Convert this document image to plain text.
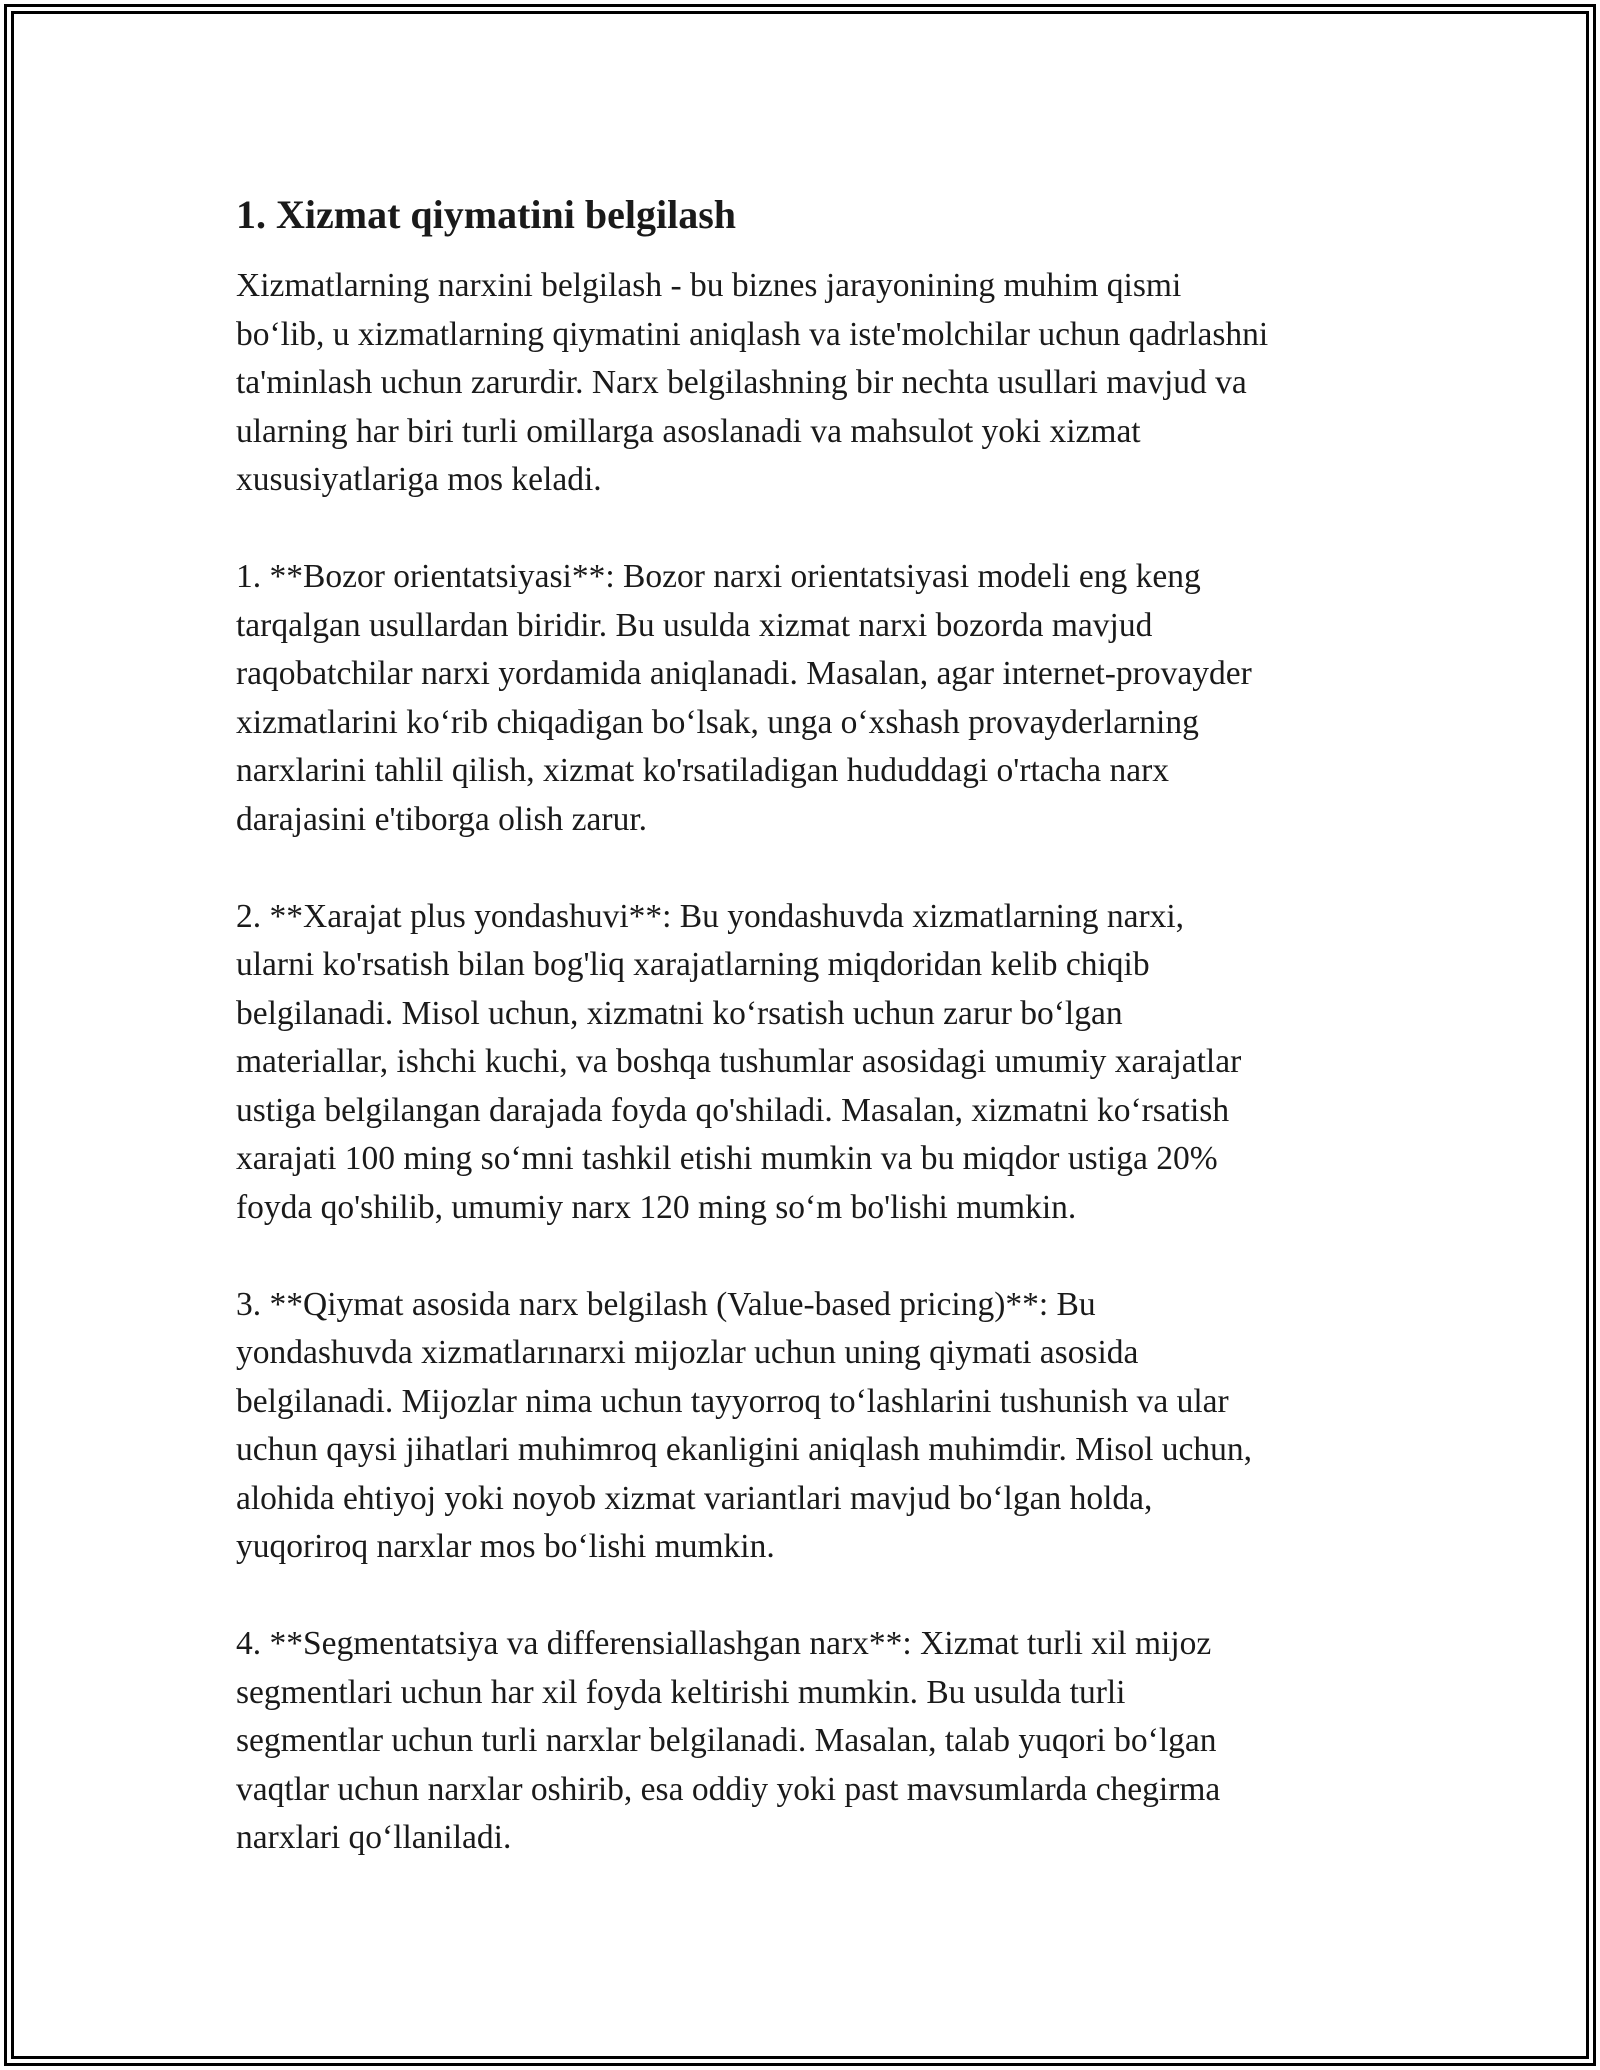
1. Xizmat qiymatini belgilash
Xizmatlarning narxini belgilash - bu biznes jarayonining muhim qismi
bo‘lib, u xizmatlarning qiymatini aniqlash va iste'molchilar uchun qadrlashni
ta'minlash uchun zarurdir. Narx belgilashning bir nechta usullari mavjud va
ularning har biri turli omillarga asoslanadi va mahsulot yoki xizmat
xususiyatlariga mos keladi.
1. **Bozor orientatsiyasi**: Bozor narxi orientatsiyasi modeli eng keng
tarqalgan usullardan biridir. Bu usulda xizmat narxi bozorda mavjud
raqobatchilar narxi yordamida aniqlanadi. Masalan, agar internet-provayder
xizmatlarini ko‘rib chiqadigan bo‘lsak, unga o‘xshash provayderlarning
narxlarini tahlil qilish, xizmat ko'rsatiladigan hududdagi o'rtacha narx
darajasini e'tiborga olish zarur.
2. **Xarajat plus yondashuvi**: Bu yondashuvda xizmatlarning narxi,
ularni ko'rsatish bilan bog'liq xarajatlarning miqdoridan kelib chiqib
belgilanadi. Misol uchun, xizmatni ko‘rsatish uchun zarur bo‘lgan
materiallar, ishchi kuchi, va boshqa tushumlar asosidagi umumiy xarajatlar
ustiga belgilangan darajada foyda qo'shiladi. Masalan, xizmatni ko‘rsatish
xarajati 100 ming so‘mni tashkil etishi mumkin va bu miqdor ustiga 20%
foyda qo'shilib, umumiy narx 120 ming so‘m bo'lishi mumkin.
3. **Qiymat asosida narx belgilash (Value-based pricing)**: Bu
yondashuvda xizmatlarınarxi mijozlar uchun uning qiymati asosida
belgilanadi. Mijozlar nima uchun tayyorroq to‘lashlarini tushunish va ular
uchun qaysi jihatlari muhimroq ekanligini aniqlash muhimdir. Misol uchun,
alohida ehtiyoj yoki noyob xizmat variantlari mavjud bo‘lgan holda,
yuqoriroq narxlar mos bo‘lishi mumkin.
4. **Segmentatsiya va differensiallashgan narx**: Xizmat turli xil mijoz
segmentlari uchun har xil foyda keltirishi mumkin. Bu usulda turli
segmentlar uchun turli narxlar belgilanadi. Masalan, talab yuqori bo‘lgan
vaqtlar uchun narxlar oshirib, esa oddiy yoki past mavsumlarda chegirma
narxlari qo‘llaniladi.
